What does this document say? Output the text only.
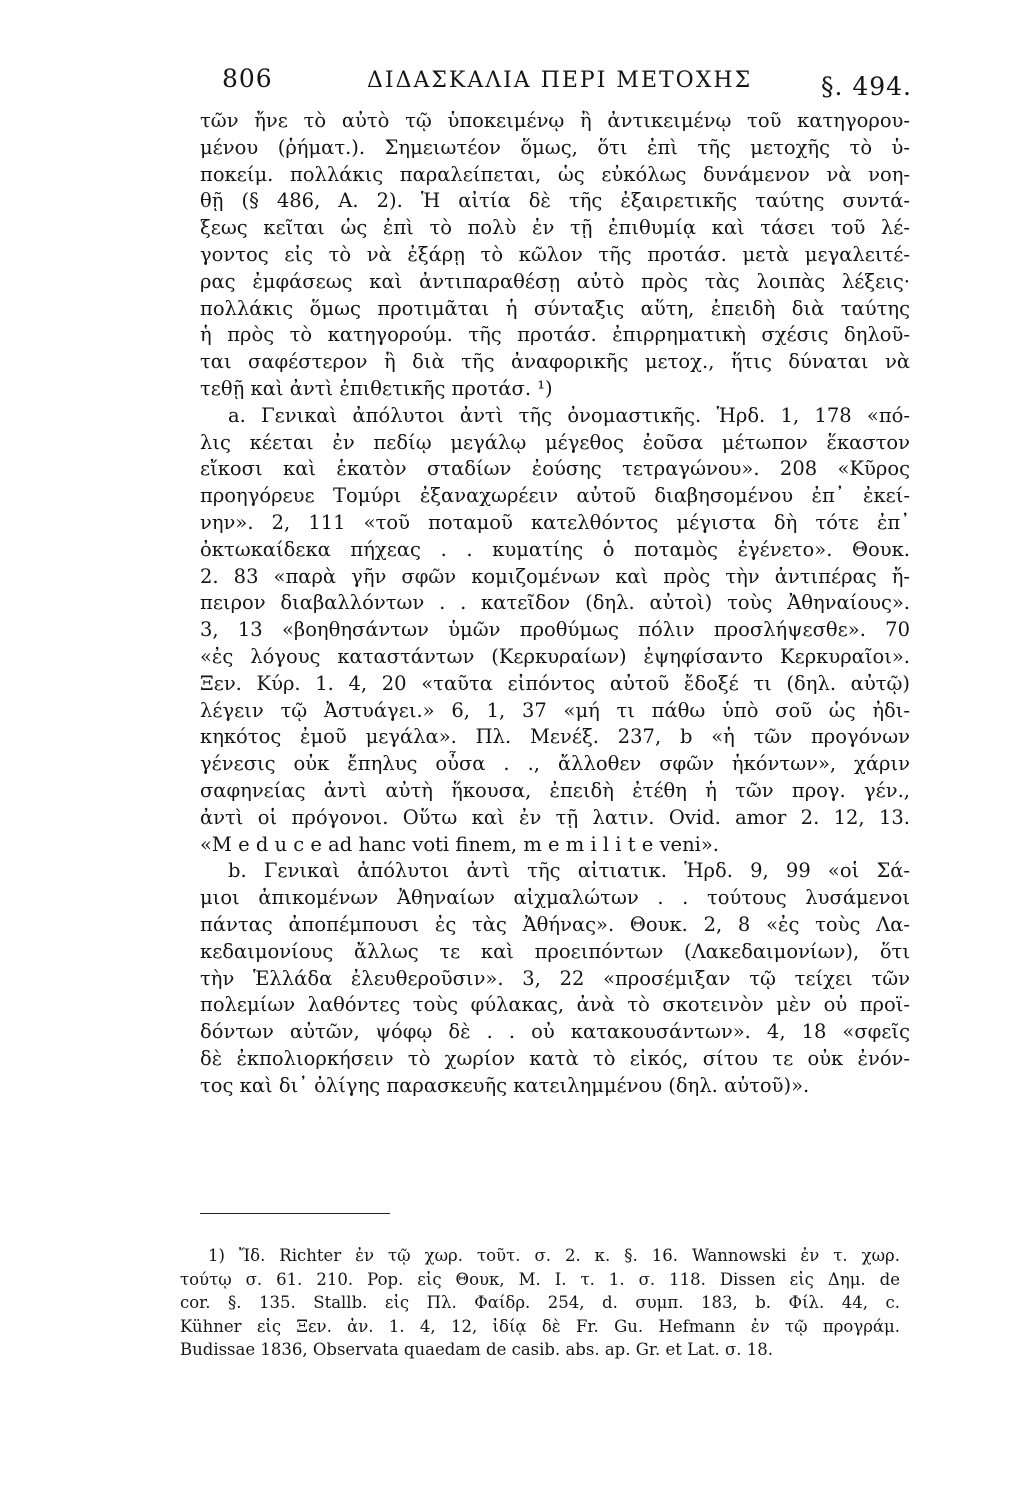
806	ΔΙΔΑΣΚΑΛΙΑ ΠΕΡΙ ΜΕΤΟΧΗΣ	§. 494.
τῶν ἤνε τὸ αὐτὸ τῷ ὑποκειμένῳ ἢ ἀντικειμένῳ τοῦ κατηγορου-
μένου (ῥήματ.). Σημειωτέον ὅμως, ὅτι ἐπὶ τῆς μετοχῆς τὸ ὑ-
ποκείμ. πολλάκις παραλείπεται, ὡς εὐκόλως δυνάμενον νὰ νοη-
θῇ (§ 486, A. 2). Ἡ αἰτία δὲ τῆς ἐξαιρετικῆς ταύτης συντά-
ξεως κεῖται ὡς ἐπὶ τὸ πολὺ ἐν τῇ ἐπιθυμίᾳ καὶ τάσει τοῦ λέ-
γοντος εἰς τὸ νὰ ἐξάρῃ τὸ κῶλον τῆς προτάσ. μετὰ μεγαλειτέ-
ρας ἐμφάσεως καὶ ἀντιπαραθέσῃ αὐτὸ πρὸς τὰς λοιπὰς λέξεις·
πολλάκις ὅμως προτιμᾶται ἡ σύνταξις αὕτη, ἐπειδὴ διὰ ταύτης
ἡ πρὸς τὸ κατηγορούμ. τῆς προτάσ. ἐπιρρηματικὴ σχέσις δηλοῦ-
ται σαφέστερον ἢ διὰ τῆς ἀναφορικῆς μετοχ., ἥτις δύναται νὰ
τεθῇ καὶ ἀντὶ ἐπιθετικῆς προτάσ. ¹)
a. Γενικαὶ ἀπόλυτοι ἀντὶ τῆς ὀνομαστικῆς. Ἡρδ. 1, 178 «πό-
λις κέεται ἐν πεδίῳ μεγάλῳ μέγεθος ἐοῦσα μέτωπον ἕκαστον
εἴκοσι καὶ ἑκατὸν σταδίων ἐούσης τετραγώνου». 208 «Κῦρος
προηγόρευε Τομύρι ἐξαναχωρέειν αὐτοῦ διαβησομένου ἐπ᾽ ἐκεί-
νην». 2, 111 «τοῦ ποταμοῦ κατελθόντος μέγιστα δὴ τότε ἐπ᾽
ὀκτωκαίδεκα πήχεας . . κυματίης ὁ ποταμὸς ἐγένετο». Θουκ.
2. 83 «παρὰ γῆν σφῶν κομιζομένων καὶ πρὸς τὴν ἀντιπέρας ἤ-
πειρον διαβαλλόντων . . κατεῖδον (δηλ. αὐτοὶ) τοὺς Ἀθηναίους».
3, 13 «βοηθησάντων ὑμῶν προθύμως πόλιν προσλήψεσθε». 70
«ἐς λόγους καταστάντων (Κερκυραίων) ἐψηφίσαντο Κερκυραῖοι».
Ξεν. Κύρ. 1. 4, 20 «ταῦτα εἰπόντος αὐτοῦ ἔδοξέ τι (δηλ. αὐτῷ)
λέγειν τῷ Ἀστυάγει.» 6, 1, 37 «μή τι πάθω ὑπὸ σοῦ ὡς ἠδι-
κηκότος ἐμοῦ μεγάλα». Πλ. Μενέξ. 237, b «ἡ τῶν προγόνων
γένεσις οὐκ ἔπηλυς οὖσα . ., ἄλλοθεν σφῶν ἡκόντων», χάριν
σαφηνείας ἀντὶ αὐτὴ ἥκουσα, ἐπειδὴ ἐτέθη ἡ τῶν προγ. γέν.,
ἀντὶ οἱ πρόγονοι. Οὕτω καὶ ἐν τῇ λατιν. Ovid. amor 2. 12, 13.
«M e d u c e ad hanc voti finem, m e m i l i t e veni».
b. Γενικαὶ ἀπόλυτοι ἀντὶ τῆς αἰτιατικ. Ἡρδ. 9, 99 «οἱ Σά-
μιοι ἀπικομένων Ἀθηναίων αἰχμαλώτων . . τούτους λυσάμενοι
πάντας ἀποπέμπουσι ἐς τὰς Ἀθήνας». Θουκ. 2, 8 «ἐς τοὺς Λα-
κεδαιμονίους ἄλλως τε καὶ προειπόντων (Λακεδαιμονίων), ὅτι
τὴν Ἑλλάδα ἐλευθεροῦσιν». 3, 22 «προσέμιξαν τῷ τείχει τῶν
πολεμίων λαθόντες τοὺς φύλακας, ἀνὰ τὸ σκοτεινὸν μὲν οὐ προϊ-
δόντων αὐτῶν, ψόφῳ δὲ . . οὐ κατακουσάντων». 4, 18 «σφεῖς
δὲ ἐκπολιορκήσειν τὸ χωρίον κατὰ τὸ εἰκός, σίτου τε οὐκ ἐνόν-
τος καὶ δι᾽ ὀλίγης παρασκευῆς κατειλημμένου (δηλ. αὐτοῦ)».
1) Ἴδ. Richter ἐν τῷ χωρ. τοῦτ. σ. 2. κ. §. 16. Wannowski ἐν τ. χωρ.
τούτῳ σ. 61. 210. Pop. εἰς Θουκ, M. I. τ. 1. σ. 118. Dissen εἰς Δημ. de
cor. §. 135. Stallb. εἰς Πλ. Φαίδρ. 254, d. συμπ. 183, b. Φίλ. 44, c.
Kühner εἰς Ξεν. ἀν. 1. 4, 12, ἰδίᾳ δὲ Fr. Gu. Hefmann ἐν τῷ προγράμ.
Budissae 1836, Observata quaedam de casib. abs. ap. Gr. et Lat. σ. 18.
